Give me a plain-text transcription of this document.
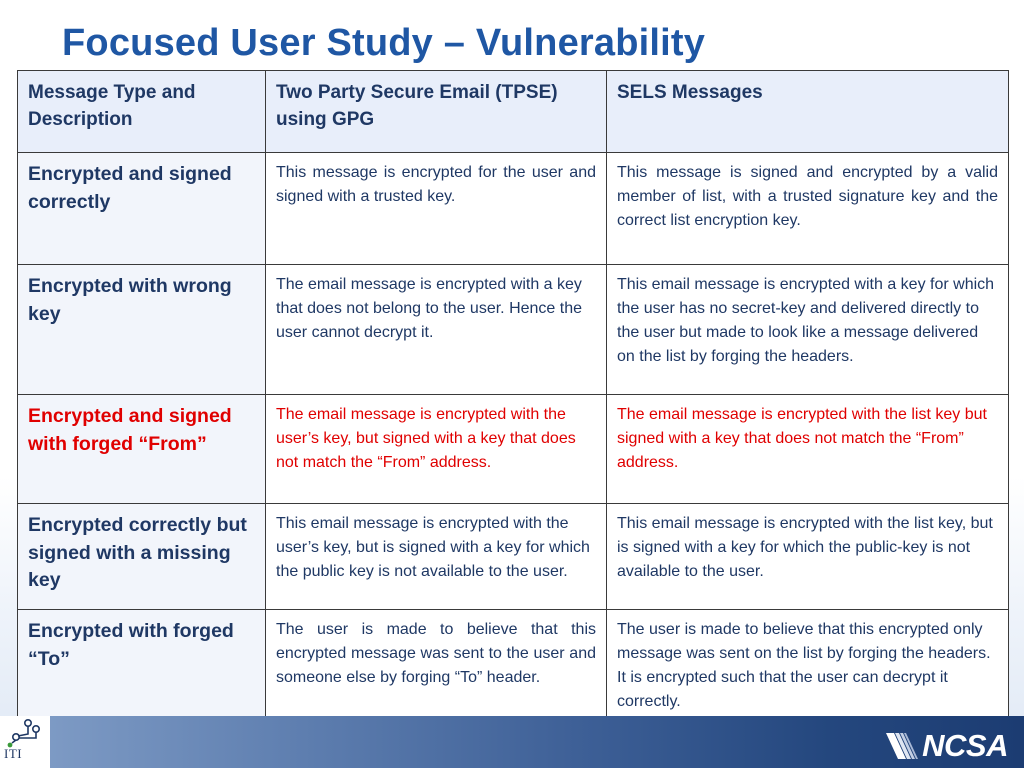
Focused User Study – Vulnerability
Message Type and Description	Two Party Secure Email (TPSE) using GPG	SELS Messages

Encrypted and signed correctly	This message is encrypted for the user and signed with a trusted key.	This message is signed and encrypted by a valid member of list, with a trusted signature key and the correct list encryption key.

Encrypted with wrong key	The email message is encrypted with a key that does not belong to the user. Hence the user cannot decrypt it.	This email message is encrypted with a key for which the user has no secret-key and delivered directly to the user but made to look like a message delivered on the list by forging the headers.

Encrypted and signed with forged “From”	The email message is encrypted with the user’s key, but signed with a key that does not match the “From” address.	The email message is encrypted with the list key but signed with a key that does not match the “From” address.

Encrypted correctly but signed with a missing key	This email message is encrypted with the user’s key, but is signed with a key for which the public key is not available to the user.	This email message is encrypted with the list key, but is signed with a key for which the public-key is not available to the user.

Encrypted with forged “To”	The user is made to believe that this encrypted message was sent to the user and someone else by forging “To” header.	The user is made to believe that this encrypted only message was sent on the list by forging the headers. It is encrypted such that the user can decrypt it correctly.
ITI	NCSA
